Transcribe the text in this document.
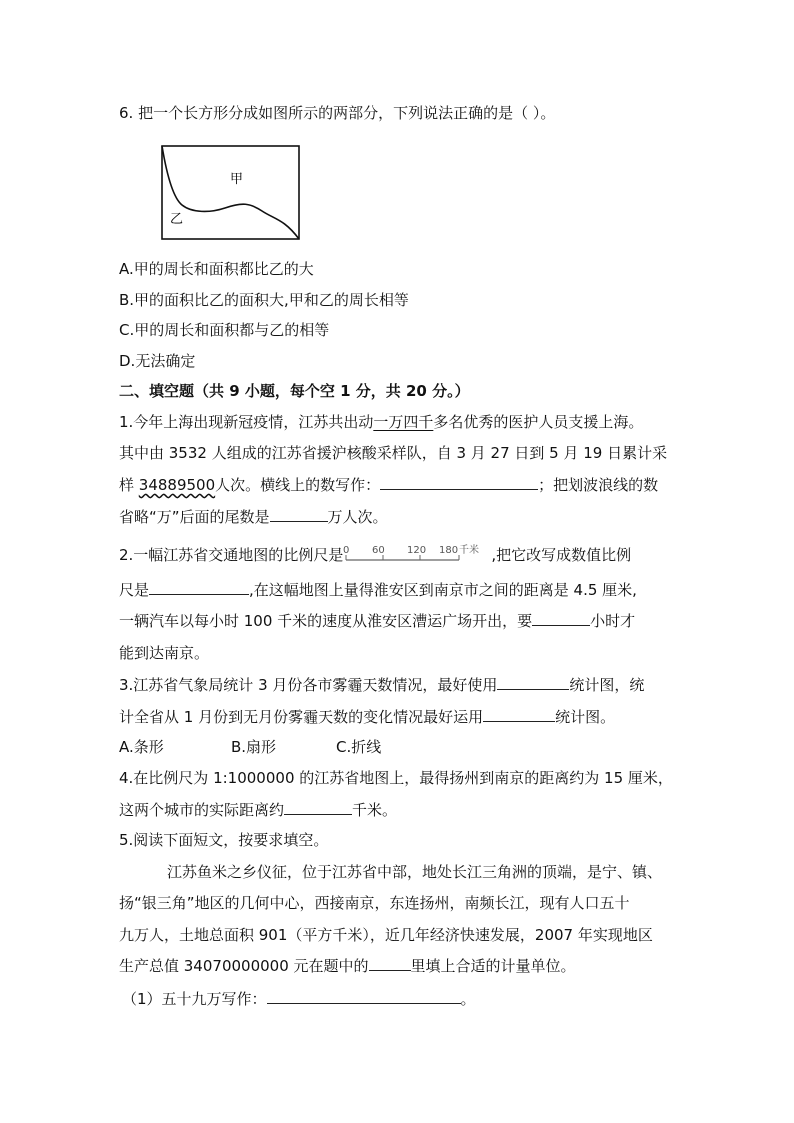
6. 把一个长方形分成如图所示的两部分，下列说法正确的是（ ）。
甲
乙
A.甲的周长和面积都比乙的大
B.甲的面积比乙的面积大,甲和乙的周长相等
C.甲的周长和面积都与乙的相等
D.无法确定
二、填空题（共 9 小题，每个空 1 分，共 20 分。）
1.今年上海出现新冠疫情，江苏共出动一万四千多名优秀的医护人员支援上海。
其中由 3532 人组成的江苏省援沪核酸采样队，自 3 月 27 日到 5 月 19 日累计采
样 34889500人次。横线上的数写作：	；把划波浪线的数
省略“万”后面的尾数是	万人次。
2.一幅江苏省交通地图的比例尺是 0 60 120 180 千米 ,把它改写成数值比例
尺是	,在这幅地图上量得淮安区到南京市之间的距离是 4.5 厘米,
一辆汽车以每小时 100 千米的速度从淮安区漕运广场开出，要	小时才
能到达南京。
3.江苏省气象局统计 3 月份各市雾霾天数情况，最好使用	统计图，统
计全省从 1 月份到无月份雾霾天数的变化情况最好运用	统计图。
A.条形	B.扇形	C.折线
4.在比例尺为 1:1000000 的江苏省地图上，最得扬州到南京的距离约为 15 厘米，
这两个城市的实际距离约	千米。
5.阅读下面短文，按要求填空。
江苏鱼米之乡仪征，位于江苏省中部，地处长江三角洲的顶端，是宁、镇、
扬“银三角”地区的几何中心，西接南京，东连扬州，南频长江，现有人口五十
九万人，土地总面积 901（平方千米），近几年经济快速发展，2007 年实现地区
生产总值 34070000000 元在题中的	里填上合适的计量单位。
（1）五十九万写作：	。
